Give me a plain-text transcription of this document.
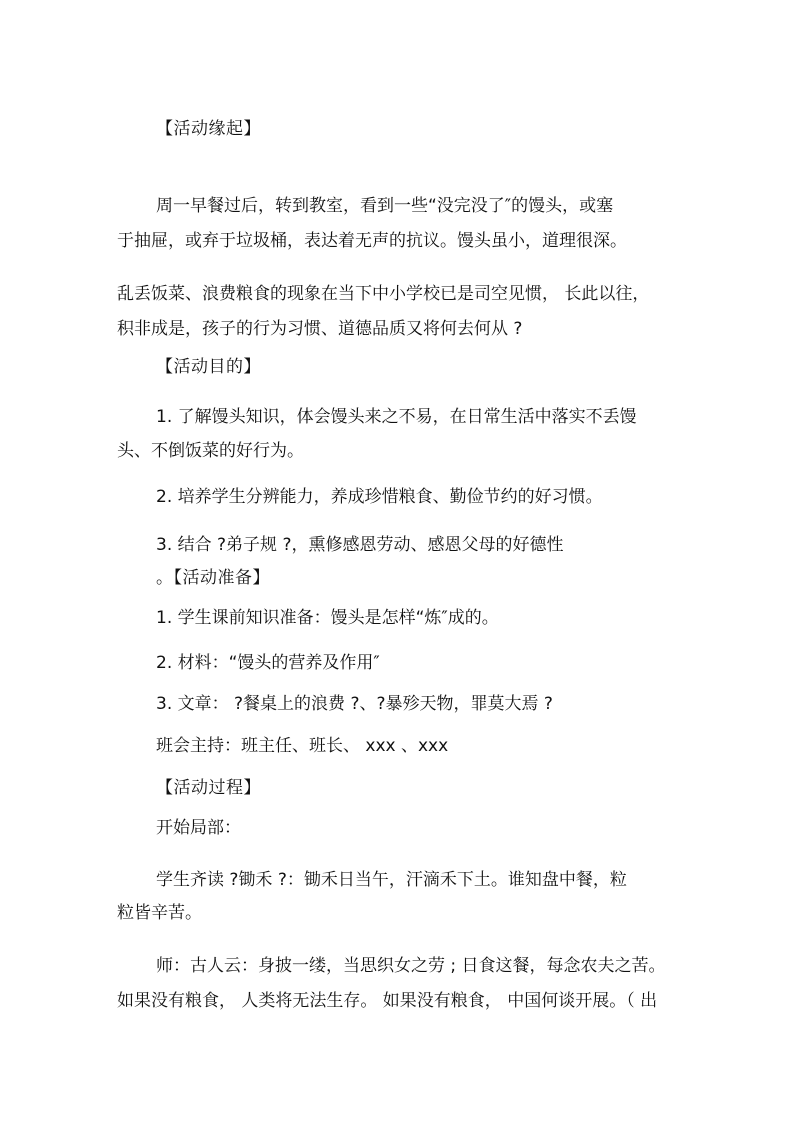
【活动缘起】
周一早餐过后，转到教室，看到一些“没完没了″的馒头，或塞
于抽屉，或弃于垃圾桶，表达着无声的抗议。馒头虽小，道理很深。
乱丢饭菜、浪费粮食的现象在当下中小学校已是司空见惯， 长此以往，
积非成是，孩子的行为习惯、道德品质又将何去何从 ?
【活动目的】
1. 了解馒头知识，体会馒头来之不易，在日常生活中落实不丢馒
头、不倒饭菜的好行为。
2. 培养学生分辨能力，养成珍惜粮食、勤俭节约的好习惯。
3. 结合 ?弟子规 ?，熏修感恩劳动、感恩父母的好德性
。【活动准备】
1. 学生课前知识准备：馒头是怎样“炼″成的。
2. 材料：“馒头的营养及作用″
3. 文章： ?餐桌上的浪费 ?、?暴殄天物，罪莫大焉 ?
班会主持：班主任、班长、 xxx 、xxx
【活动过程】
开始局部：
学生齐读 ?锄禾 ?：锄禾日当午，汗滴禾下土。谁知盘中餐，粒
粒皆辛苦。
师：古人云：身披一缕，当思织女之劳 ; 日食这餐，每念农夫之苦。
如果没有粮食， 人类将无法生存。 如果没有粮食， 中国何谈开展。（ 出
